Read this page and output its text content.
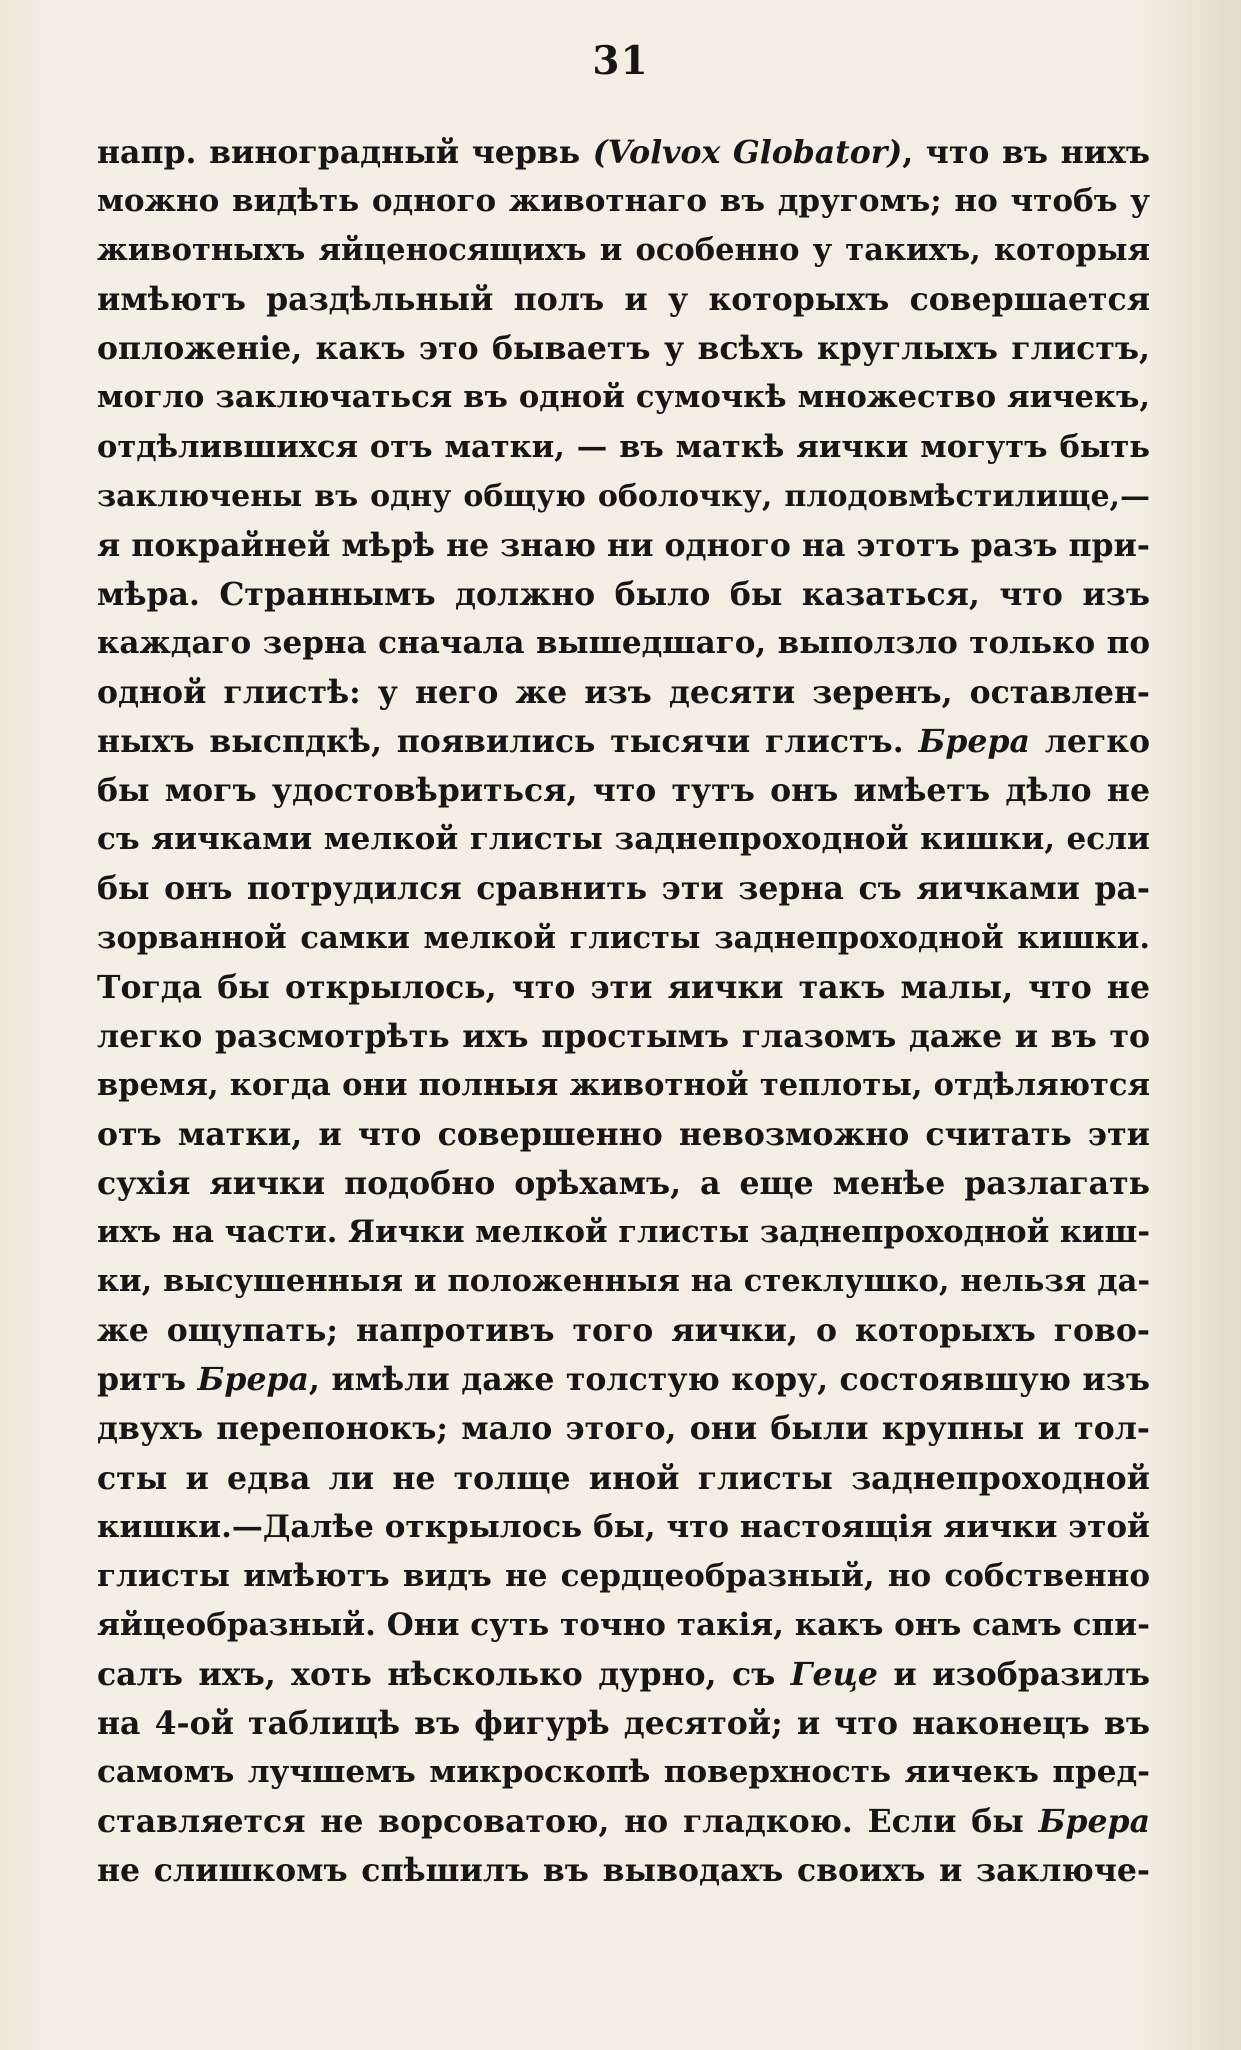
31
напр. виноградный червь (Volvox Globator), что въ нихъ
можно видѣть одного животнаго въ другомъ; но чтобъ у
животныхъ яйценосящихъ и особенно у такихъ, которыя
имѣютъ раздѣльный полъ и у которыхъ совершается
опложеніе, какъ это бываетъ у всѣхъ круглыхъ глистъ,
могло заключаться въ одной сумочкѣ множество яичекъ,
отдѣлившихся отъ матки, — въ маткѣ яички могутъ быть
заключены въ одну общую оболочку, плодовмѣстилище,—
я покрайней мѣрѣ не знаю ни одного на этотъ разъ при-
мѣра. Страннымъ должно было бы казаться, что изъ
каждаго зерна сначала вышедшаго, выползло только по
одной глистѣ: у него же изъ десяти зеренъ, оставлен-
ныхъ выспдкѣ, появились тысячи глистъ. Брера легко
бы могъ удостовѣриться, что тутъ онъ имѣетъ дѣло не
съ яичками мелкой глисты заднепроходной кишки, если
бы онъ потрудился сравнить эти зерна съ яичками ра-
зорванной самки мелкой глисты заднепроходной кишки.
Тогда бы открылось, что эти яички такъ малы, что не
легко разсмотрѣть ихъ простымъ глазомъ даже и въ то
время, когда они полныя животной теплоты, отдѣляются
отъ матки, и что совершенно невозможно считать эти
сухія яички подобно орѣхамъ, а еще менѣе разлагать
ихъ на части. Яички мелкой глисты заднепроходной киш-
ки, высушенныя и положенныя на стеклушко, нельзя да-
же ощупать; напротивъ того яички, о которыхъ гово-
ритъ Брера, имѣли даже толстую кору, состоявшую изъ
двухъ перепонокъ; мало этого, они были крупны и тол-
сты и едва ли не толще иной глисты заднепроходной
кишки.—Далѣе открылось бы, что настоящія яички этой
глисты имѣютъ видъ не сердцеобразный, но собственно
яйцеобразный. Они суть точно такія, какъ онъ самъ спи-
салъ ихъ, хоть нѣсколько дурно, съ Геце и изобразилъ
на 4-ой таблицѣ въ фигурѣ десятой; и что наконецъ въ
самомъ лучшемъ микроскопѣ поверхность яичекъ пред-
ставляется не ворсоватою, но гладкою. Если бы Брера
не слишкомъ спѣшилъ въ выводахъ своихъ и заключе-
